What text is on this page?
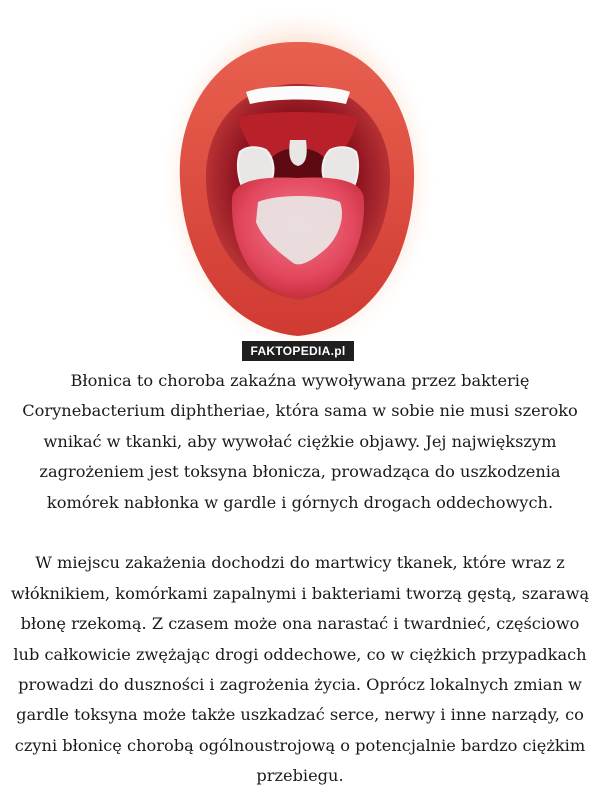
FAKTOPEDIA.pl

Błonica to choroba zakaźna wywoływana przez bakterię Corynebacterium diphtheriae, która sama w sobie nie musi szeroko wnikać w tkanki, aby wywołać ciężkie objawy. Jej największym zagrożeniem jest toksyna błonicza, prowadząca do uszkodzenia komórek nabłonka w gardle i górnych drogach oddechowych.

W miejscu zakażenia dochodzi do martwicy tkanek, które wraz z włóknikiem, komórkami zapalnymi i bakteriami tworzą gęstą, szarawą błonę rzekomą. Z czasem może ona narastać i twardnieć, częściowo lub całkowicie zwężając drogi oddechowe, co w ciężkich przypadkach prowadzi do duszności i zagrożenia życia. Oprócz lokalnych zmian w gardle toksyna może także uszkadzać serce, nerwy i inne narządy, co czyni błonicę chorobą ogólnoustrojową o potencjalnie bardzo ciężkim przebiegu.
